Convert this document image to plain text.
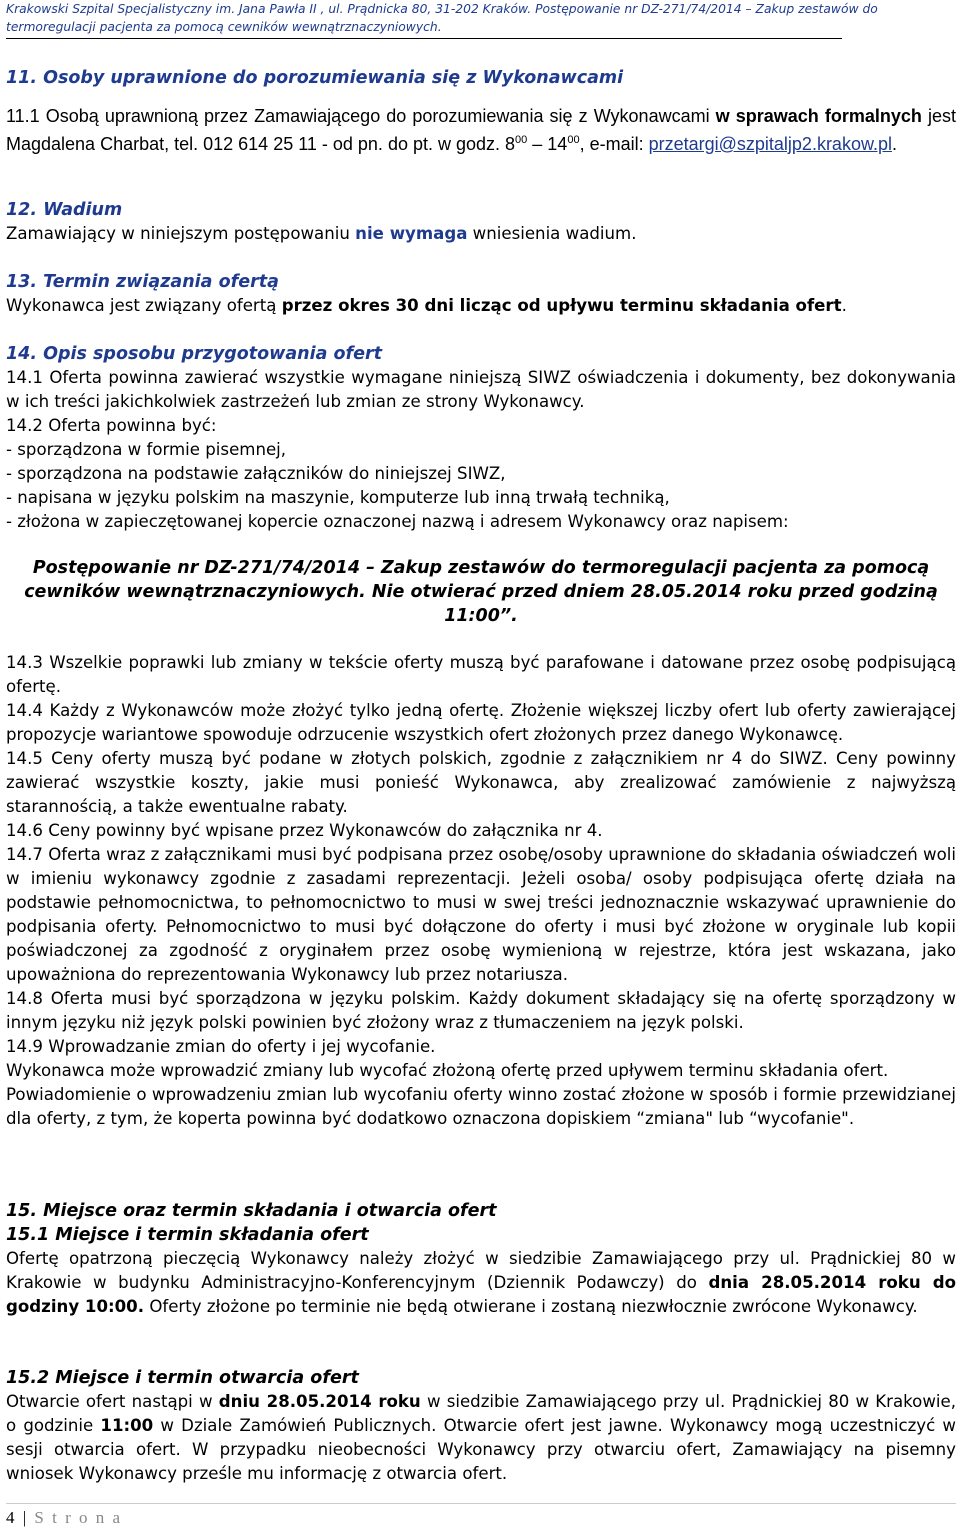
Krakowski Szpital Specjalistyczny im. Jana Pawła II , ul. Prądnicka 80, 31-202 Kraków. Postępowanie nr DZ-271/74/2014 – Zakup zestawów do termoregulacji pacjenta za pomocą cewników wewnątrznaczyniowych.
11. Osoby uprawnione do porozumiewania się z Wykonawcami
11.1 Osobą uprawnioną przez Zamawiającego do porozumiewania się z Wykonawcami w sprawach formalnych jest Magdalena Charbat, tel. 012 614 25 11 - od pn. do pt. w godz. $8^{00} - 14^{00}$, e-mail: przetargi@szpitaljp2.krakow.pl.
12. Wadium
Zamawiający w niniejszym postępowaniu nie wymaga wniesienia wadium.
13. Termin związania ofertą
Wykonawca jest związany ofertą przez okres 30 dni licząc od upływu terminu składania ofert.
14. Opis sposobu przygotowania ofert

14.1 Oferta powinna zawierać wszystkie wymagane niniejszą SIWZ oświadczenia i dokumenty, bez dokonywania w ich treści jakichkolwiek zastrzeżeń lub zmian ze strony Wykonawcy.

14.2 Oferta powinna być:

- sporządzona w formie pisemnej,

- sporządzona na podstawie załączników do niniejszej SIWZ,

- napisana w języku polskim na maszynie, komputerze lub inną trwałą techniką,

- złożona w zapieczętowanej kopercie oznaczonej nazwą i adresem Wykonawcy oraz napisem:

Postępowanie nr DZ-271/74/2014 – Zakup zestawów do termoregulacji pacjenta za pomocą cewników wewnątrznaczyniowych. Nie otwierać przed dniem 28.05.2014 roku przed godziną
11:00”.

14.3 Wszelkie poprawki lub zmiany w tekście oferty muszą być parafowane i datowane przez osobę podpisującą ofertę.

14.4 Każdy z Wykonawców może złożyć tylko jedną ofertę. Złożenie większej liczby ofert lub oferty zawierającej propozycje wariantowe spowoduje odrzucenie wszystkich ofert złożonych przez danego Wykonawcę.

14.5 Ceny oferty muszą być podane w złotych polskich, zgodnie z załącznikiem nr 4 do SIWZ. Ceny powinny zawierać wszystkie koszty, jakie musi ponieść Wykonawca, aby zrealizować zamówienie z najwyższą starannością, a także ewentualne rabaty.

14.6 Ceny powinny być wpisane przez Wykonawców do załącznika nr 4.

14.7 Oferta wraz z załącznikami musi być podpisana przez osobę/osoby uprawnione do składania oświadczeń woli w imieniu wykonawcy zgodnie z zasadami reprezentacji. Jeżeli osoba/ osoby podpisująca ofertę działa na podstawie pełnomocnictwa, to pełnomocnictwo to musi w swej treści jednoznacznie wskazywać uprawnienie do podpisania oferty. Pełnomocnictwo to musi być dołączone do oferty i musi być złożone w oryginale lub kopii poświadczonej za zgodność z oryginałem przez osobę wymienioną w rejestrze, która jest wskazana, jako upoważniona do reprezentowania Wykonawcy lub przez notariusza.

14.8 Oferta musi być sporządzona w języku polskim. Każdy dokument składający się na ofertę sporządzony w innym języku niż język polski powinien być złożony wraz z tłumaczeniem na język polski.

14.9 Wprowadzanie zmian do oferty i jej wycofanie.

Wykonawca może wprowadzić zmiany lub wycofać złożoną ofertę przed upływem terminu składania ofert.

Powiadomienie o wprowadzeniu zmian lub wycofaniu oferty winno zostać złożone w sposób i formie przewidzianej dla oferty, z tym, że koperta powinna być dodatkowo oznaczona dopiskiem “zmiana" lub “wycofanie".

15. Miejsce oraz termin składania i otwarcia ofert
15.1 Miejsce i termin składania ofert
Ofertę opatrzoną pieczęcią Wykonawcy należy złożyć w siedzibie Zamawiającego przy ul. Prądnickiej 80 w Krakowie w budynku Administracyjno-Konferencyjnym (Dziennik Podawczy) do dnia 28.05.2014 roku do godziny 10:00. Oferty złożone po terminie nie będą otwierane i zostaną niezwłocznie zwrócone Wykonawcy.
15.2 Miejsce i termin otwarcia ofert
Otwarcie ofert nastąpi w dniu 28.05.2014 roku w siedzibie Zamawiającego przy ul. Prądnickiej 80 w Krakowie, o godzinie 11:00 w Dziale Zamówień Publicznych. Otwarcie ofert jest jawne. Wykonawcy mogą uczestniczyć w sesji otwarcia ofert. W przypadku nieobecności Wykonawcy przy otwarciu ofert, Zamawiający na pisemny wniosek Wykonawcy prześle mu informację z otwarcia ofert.
4 | S t r o n a
